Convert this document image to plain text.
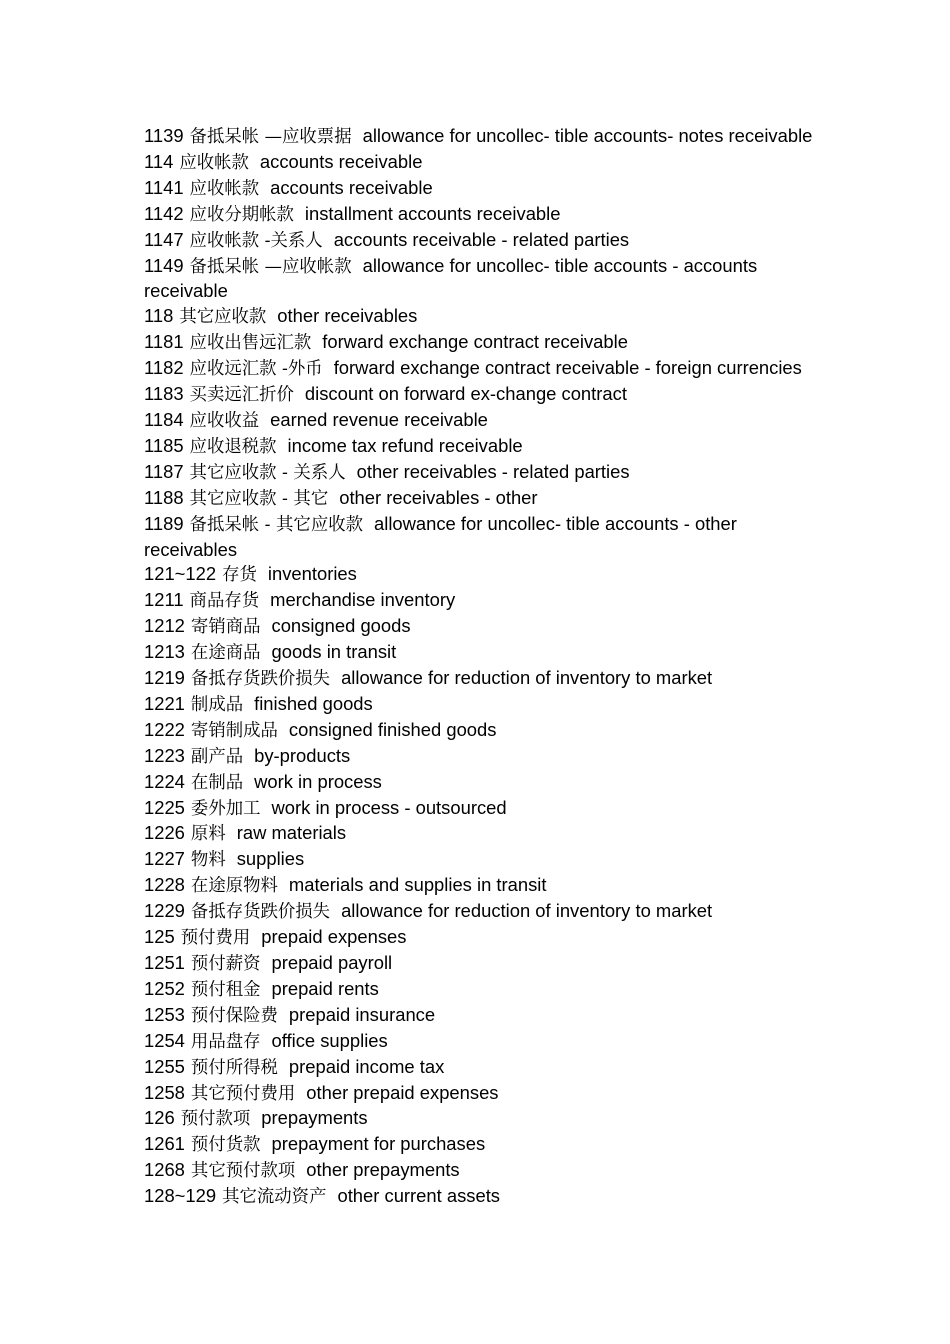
1139 备抵呆帐 —应收票据 allowance for uncollec- tible accounts- notes receivable

114 应收帐款 accounts receivable

1141 应收帐款 accounts receivable

1142 应收分期帐款 installment accounts receivable

1147 应收帐款 -关系人 accounts receivable - related parties

1149 备抵呆帐 —应收帐款 allowance for uncollec- tible accounts - accounts receivable

118 其它应收款 other receivables

1181 应收出售远汇款 forward exchange contract receivable

1182 应收远汇款 -外币 forward exchange contract receivable - foreign currencies

1183 买卖远汇折价 discount on forward ex-change contract

1184 应收收益 earned revenue receivable

1185 应收退税款 income tax refund receivable

1187 其它应收款 - 关系人 other receivables - related parties

1188 其它应收款 - 其它 other receivables - other

1189 备抵呆帐 - 其它应收款 allowance for uncollec- tible accounts - other receivables

121~122 存货 inventories

1211 商品存货 merchandise inventory

1212 寄销商品 consigned goods

1213 在途商品 goods in transit

1219 备抵存货跌价损失 allowance for reduction of inventory to market

1221 制成品 finished goods

1222 寄销制成品 consigned finished goods

1223 副产品 by-products

1224 在制品 work in process

1225 委外加工 work in process - outsourced

1226 原料 raw materials

1227 物料 supplies

1228 在途原物料 materials and supplies in transit

1229 备抵存货跌价损失 allowance for reduction of inventory to market

125 预付费用 prepaid expenses

1251 预付薪资 prepaid payroll

1252 预付租金 prepaid rents

1253 预付保险费 prepaid insurance

1254 用品盘存 office supplies

1255 预付所得税 prepaid income tax

1258 其它预付费用 other prepaid expenses

126 预付款项 prepayments

1261 预付货款 prepayment for purchases

1268 其它预付款项 other prepayments

128~129 其它流动资产 other current assets
